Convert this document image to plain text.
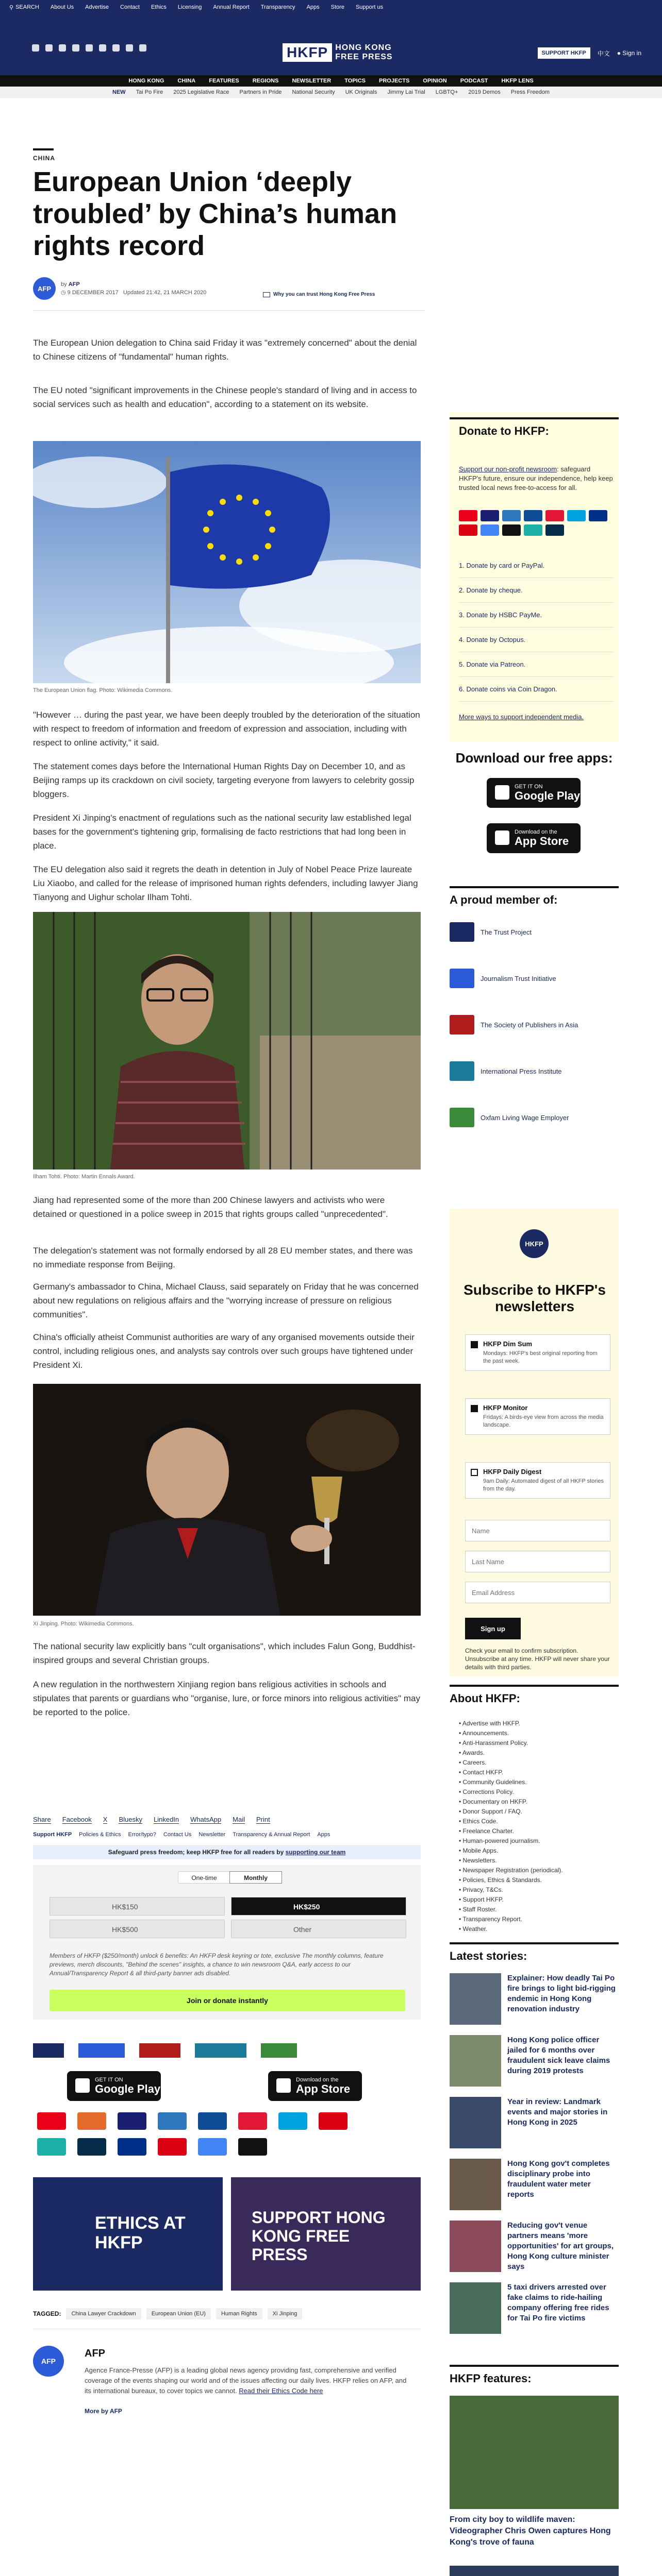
⚲ SEARCH About Us Advertise Contact Ethics Licensing Annual Report Transparency Apps Store Support us
HKFP HONG KONG
FREE PRESS	SUPPORT HKFP	中文 ● Sign in
HONG KONG CHINA FEATURES REGIONS NEWSLETTER TOPICS PROJECTS OPINION PODCAST HKFP LENS
NEW Tai Po Fire 2025 Legislative Race Partners in Pride National Security UK Originals Jimmy Lai Trial LGBTQ+ 2019 Demos Press Freedom
CHINA
European Union ‘deeply troubled’ by China’s human rights record
AFP
by AFP
◷ 9 DECEMBER 2017 Updated 21:42, 21 MARCH 2020	Why you can trust Hong Kong Free Press

The European Union delegation to China said Friday it was "extremely concerned" about the denial to Chinese citizens of "fundamental" human rights.

The EU noted "significant improvements in the Chinese people's standard of living and in access to social services such as health and education", according to a statement on its website.

The European Union flag. Photo: Wikimedia Commons.

"However … during the past year, we have been deeply troubled by the deterioration of the situation with respect to freedom of information and freedom of expression and association, including with respect to online activity," it said.

The statement comes days before the International Human Rights Day on December 10, and as Beijing ramps up its crackdown on civil society, targeting everyone from lawyers to celebrity gossip bloggers.

President Xi Jinping's enactment of regulations such as the national security law established legal bases for the government's tightening grip, formalising de facto restrictions that had long been in place.

The EU delegation also said it regrets the death in detention in July of Nobel Peace Prize laureate Liu Xiaobo, and called for the release of imprisoned human rights defenders, including lawyer Jiang Tianyong and Uighur scholar Ilham Tohti.

Ilham Tohti. Photo: Martin Ennals Award.

Jiang had represented some of the more than 200 Chinese lawyers and activists who were detained or questioned in a police sweep in 2015 that rights groups called "unprecedented".

The delegation's statement was not formally endorsed by all 28 EU member states, and there was no immediate response from Beijing.

Germany's ambassador to China, Michael Clauss, said separately on Friday that he was concerned about new regulations on religious affairs and the "worrying increase of pressure on religious communities".

China's officially atheist Communist authorities are wary of any organised movements outside their control, including religious ones, and analysts say controls over such groups have tightened under President Xi.

Xi Jinping. Photo: Wikimedia Commons.

The national security law explicitly bans "cult organisations", which includes Falun Gong, Buddhist-inspired groups and several Christian groups.

A new regulation in the northwestern Xinjiang region bans religious activities in schools and stipulates that parents or guardians who "organise, lure, or force minors into religious activities" may be reported to the police.

Share Facebook X Bluesky LinkedIn WhatsApp Mail Print
Support HKFP Policies & Ethics Error/typo? Contact Us Newsletter Transparency & Annual Report Apps
Safeguard press freedom; keep HKFP free for all readers by supporting our team
One-time	Monthly
HK$150	HK$250
HK$500	Other
Members of HKFP ($250/month) unlock 6 benefits: An HKFP desk keyring or tote, exclusive The monthly columns, feature previews, merch discounts, "Behind the scenes" insights, a chance to win newsroom Q&A, early access to our Annual/Transparency Report & all third-party banner ads disabled.
Join or donate instantly
GET IT ON
Google Play
Download on the
App Store
ETHICS AT HKFP
SUPPORT HONG KONG FREE PRESS
TAGGED:	China Lawyer Crackdown	European Union (EU)	Human Rights	Xi Jinping
AFP
AFP
Agence France-Presse (AFP) is a leading global news agency providing fast, comprehensive and verified coverage of the events shaping our world and of the issues affecting our daily lives. HKFP relies on AFP, and its international bureaux, to cover topics we cannot. Read their Ethics Code here
More by AFP
Donate to HKFP:
Support our non-profit newsroom: safeguard HKFP's future, ensure our independence, help keep trusted local news free-to-access for all.
1. Donate by card or PayPal.
2. Donate by cheque.
3. Donate by HSBC PayMe.
4. Donate by Octopus.
5. Donate via Patreon.
6. Donate coins via Coin Dragon.
More ways to support independent media.
Download our free apps:
GET IT ON
Google Play
Download on the
App Store
A proud member of:
The Trust Project
Journalism Trust Initiative
The Society of Publishers in Asia
International Press Institute
Oxfam Living Wage Employer
HKFP
Subscribe to HKFP's newsletters
HKFP Dim Sum
Mondays: HKFP's best original reporting from the past week.
HKFP Monitor
Fridays: A birds-eye view from across the media landscape.
HKFP Daily Digest
9am Daily: Automated digest of all HKFP stories from the day.
Name
Last Name
Email Address
Sign up
Check your email to confirm subscription. Unsubscribe at any time. HKFP will never share your details with third parties.
About HKFP:
• Advertise with HKFP.
• Announcements.
• Anti-Harassment Policy.
• Awards.
• Careers.
• Contact HKFP.
• Community Guidelines.
• Corrections Policy.
• Documentary on HKFP.
• Donor Support / FAQ.
• Ethics Code.
• Freelance Charter.
• Human-powered journalism.
• Mobile Apps.
• Newsletters.
• Newspaper Registration (periodical).
• Policies, Ethics & Standards.
• Privacy, T&Cs.
• Support HKFP.
• Staff Roster.
• Transparency Report.
• Weather.
Latest stories:
Explainer: How deadly Tai Po fire brings to light bid-rigging endemic in Hong Kong renovation industry
Hong Kong police officer jailed for 6 months over fraudulent sick leave claims during 2019 protests
Year in review: Landmark events and major stories in Hong Kong in 2025
Hong Kong gov't completes disciplinary probe into fraudulent water meter reports
Reducing gov't venue partners means 'more opportunities' for art groups, Hong Kong culture minister says
5 taxi drivers arrested over fake claims to ride-hailing company offering free rides for Tai Po fire victims
HKFP features:
From city boy to wildlife maven: Videographer Chris Owen captures Hong Kong's trove of fauna
